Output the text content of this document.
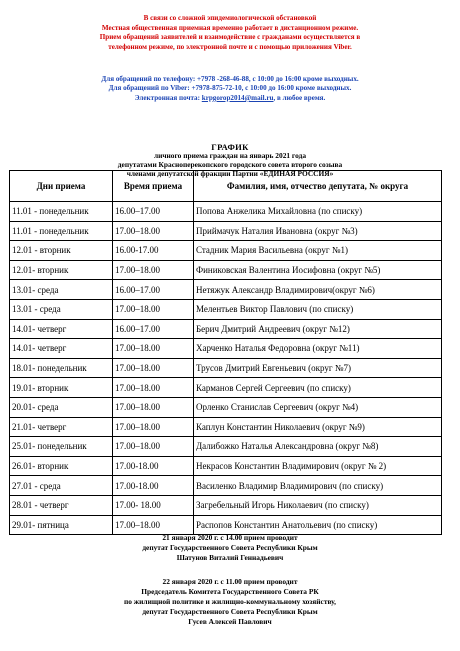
В связи со сложной эпидемиологической обстановкой
Местная общественная приемная временно работает в дистанционном режиме.
Прием обращений заявителей и взаимодействие с гражданами осуществляется в
телефонном режиме, по электронной почте и с помощью приложения Viber.
Для обращений по телефону: +7978 -268-46-88, с 10:00 до 16:00 кроме выходных.
Для обращений по Viber: +7978-875-72-10, с 10:00 до 16:00 кроме выходных.
Электронная почта: krpgorop2014@mail.ru, в любое время.
ГРАФИК
личного приема граждан на январь 2021 года
депутатами Красноперекопского городского совета второго созыва
членами депутатской фракции Партии «ЕДИНАЯ РОССИЯ»
Дни приема	Время приема	Фамилия, имя, отчество депутата, № округа
11.01 - понедельник	16.00–17.00	Попова Анжелика Михайловна (по списку)
11.01 - понедельник	17.00–18.00	Приймачук Наталия Ивановна (округ №3)
12.01 - вторник	16.00-17.00	Стадник Мария Васильевна (округ №1)
12.01- вторник	17.00–18.00	Финиковская Валентина Иосифовна (округ №5)
13.01- среда	16.00–17.00	Нетяжук Александр Владимирович(округ №6)
13.01 - среда	17.00–18.00	Мелентьев Виктор Павлович (по списку)
14.01- четверг	16.00–17.00	Берич Дмитрий Андреевич (округ №12)
14.01- четверг	17.00–18.00	Харченко Наталья Федоровна (округ №11)
18.01- понедельник	17.00–18.00	Трусов Дмитрий Евгеньевич (округ №7)
19.01- вторник	17.00–18.00	Карманов Сергей Сергеевич (по списку)
20.01- среда	17.00–18.00	Орленко Станислав Сергеевич (округ №4)
21.01- четверг	17.00–18.00	Каплун Константин Николаевич (округ №9)
25.01- понедельник	17.00–18.00	Далибожко Наталья Александровна (округ №8)
26.01- вторник	17.00-18.00	Некрасов Константин Владимирович (округ № 2)
27.01 - среда	17.00-18.00	Василенко Владимир Владимирович (по списку)
28.01 - четверг	17.00- 18.00	Загребельный Игорь Николаевич (по списку)
29.01- пятница	17.00–18.00	Распопов Константин Анатольевич (по списку)
21 января 2020 г. с 14.00 прием проводит
депутат Государственного Совета Республики Крым
Шатунов Виталий Геннадьевич
22 января 2020 г. с 11.00 прием проводит
Председатель Комитета Государственного Совета РК
по жилищной политике и жилищно-коммунальному хозяйству,
депутат Государственного Совета Республики Крым
Гусев Алексей Павлович
